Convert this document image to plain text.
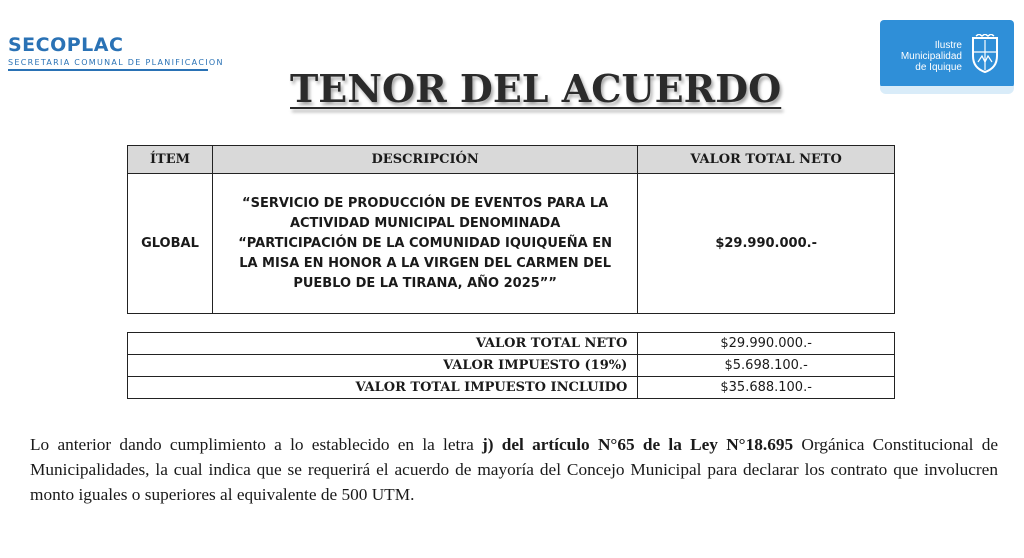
SECOPLAC
SECRETARIA COMUNAL DE PLANIFICACION
Ilustre
Municipalidad
de Iquique
TENOR DEL ACUERDO
ÍTEM	DESCRIPCIÓN	VALOR TOTAL NETO
GLOBAL	“SERVICIO DE PRODUCCIÓN DE EVENTOS PARA LA ACTIVIDAD MUNICIPAL DENOMINADA “PARTICIPACIÓN DE LA COMUNIDAD IQUIQUEÑA EN LA MISA EN HONOR A LA VIRGEN DEL CARMEN DEL PUEBLO DE LA TIRANA, AÑO 2025””	$29.990.000.-
VALOR TOTAL NETO	$29.990.000.-
VALOR IMPUESTO (19%)	$5.698.100.-
VALOR TOTAL IMPUESTO INCLUIDO	$35.688.100.-

Lo anterior dando cumplimiento a lo establecido en la letra j) del artículo N°65 de la Ley N°18.695 Orgánica Constitucional de Municipalidades, la cual indica que se requerirá el acuerdo de mayoría del Concejo Municipal para declarar los contrato que involucren monto iguales o superiores al equivalente de 500 UTM.
